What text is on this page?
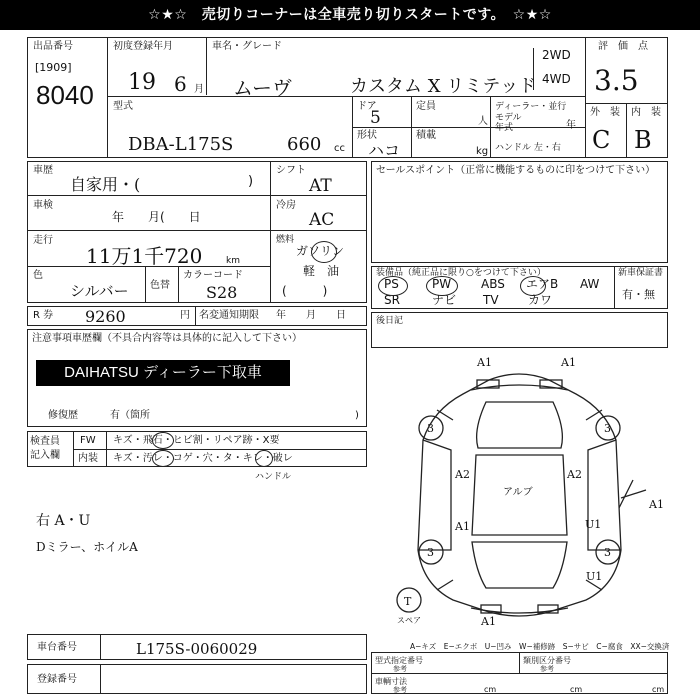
☆★☆　売切りコーナーは全車売り切りスタートです。　☆★☆
出品番号
[1909]
8040
初度登録年月
19 6 月
車名・グレード
ムーヴ	カスタム X リミテッド
2WD
4WD
評　価　点
3.5
型式
DBA-L175S	660 cc
ドア
5
形状
ハコ
定員
人
積載
kg
ディーラー・並行
モデル
年式	年
ハンドル 左・右
外　装 内　装
C B
車歴
自家用・(	)
車検
年　　月(　　日
走行
11万1千720	km
色
シルバー 色替
カラーコード
S28
シフト
AT
冷房
AC
燃料
ガソリン
軽　油
(　　　)
R 券 9260	円 名変通知期限 年　　月　　日
注意事項車歴欄（不具合内容等は具体的に記入して下さい）
DAIHATSU ディーラー下取車
修復歴	有（箇所	)
検査員
記入欄
FW キズ・飛石・ヒビ割・リペア跡・X要
内装 キズ・汚レ・コゲ・穴・タ・キレ・破レ
ハンドル
右 A・U
Dミラー、ホイルA
セールスポイント（正常に機能するものに印をつけて下さい）
装備品（純正品に限り○をつけて下さい）
PS	PW ABS エアB AW
SR	ナビ TV カワ
新車保証書
有・無
後日記
A1	A1
A2
A1
A1
アルブ
A2
U1
U1
A1
3	3
3	3
T
スペア
A−キズ　E−エクボ　U−凹み　W−補修跡　S−サビ　C−腐食　XX−交換済
車台番号	L175S-0060029
登録番号
型式指定番号
参考
類別区分番号
参考
車輌寸法
参考	cm	cm	cm
